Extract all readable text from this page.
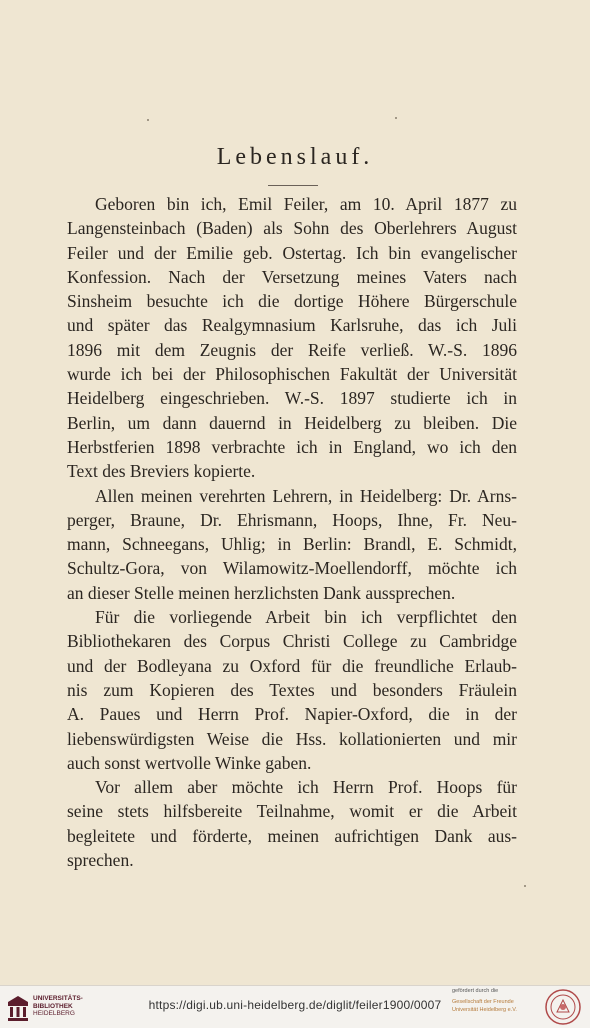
Lebenslauf.
Geboren bin ich, Emil Feiler, am 10. April 1877 zu
Langensteinbach (Baden) als Sohn des Oberlehrers August
Feiler und der Emilie geb. Ostertag. Ich bin evangelischer
Konfession. Nach der Versetzung meines Vaters nach
Sinsheim besuchte ich die dortige Höhere Bürgerschule
und später das Realgymnasium Karlsruhe, das ich Juli
1896 mit dem Zeugnis der Reife verließ. W.-S. 1896
wurde ich bei der Philosophischen Fakultät der Universität
Heidelberg eingeschrieben. W.-S. 1897 studierte ich in
Berlin, um dann dauernd in Heidelberg zu bleiben. Die
Herbstferien 1898 verbrachte ich in England, wo ich den
Text des Breviers kopierte.
Allen meinen verehrten Lehrern, in Heidelberg: Dr. Arns-
perger, Braune, Dr. Ehrismann, Hoops, Ihne, Fr. Neu-
mann, Schneegans, Uhlig; in Berlin: Brandl, E. Schmidt,
Schultz-Gora, von Wilamowitz-Moellendorff, möchte ich
an dieser Stelle meinen herzlichsten Dank aussprechen.
Für die vorliegende Arbeit bin ich verpflichtet den
Bibliothekaren des Corpus Christi College zu Cambridge
und der Bodleyana zu Oxford für die freundliche Erlaub-
nis zum Kopieren des Textes und besonders Fräulein
A. Paues und Herrn Prof. Napier-Oxford, die in der
liebenswürdigsten Weise die Hss. kollationierten und mir
auch sonst wertvolle Winke gaben.
Vor allem aber möchte ich Herrn Prof. Hoops für
seine stets hilfsbereite Teilnahme, womit er die Arbeit
begleitete und förderte, meinen aufrichtigen Dank aus-
sprechen.
UNIVERSITÄTS-
BIBLIOTHEK
HEIDELBERG
https://digi.ub.uni-heidelberg.de/diglit/feiler1900/0007
gefördert durch die
Gesellschaft der Freunde
Universität Heidelberg e.V.
